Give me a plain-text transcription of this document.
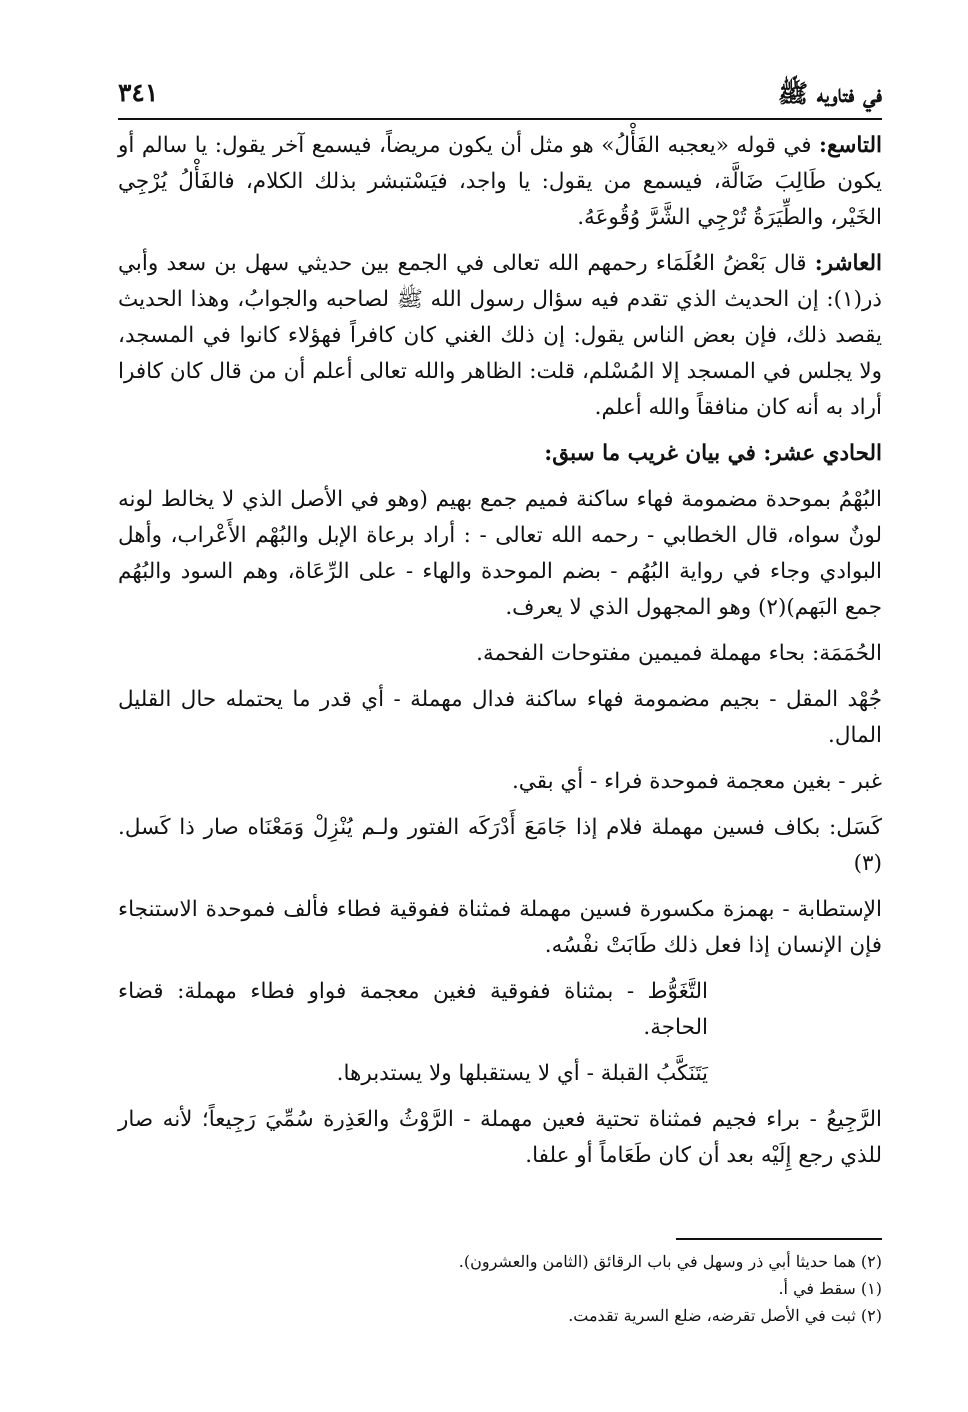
في فتاويه ﷺ
٣٤١

التاسع: في قوله «يعجبه الفَأْلُ» هو مثل أن يكون مريضاً، فيسمع آخر يقول: يا سالم أو يكون طَالِبَ ضَالَّة، فيسمع من يقول: يا واجد، فيَسْتبشر بذلك الكلام، فالفَأْلُ يُرْجِي الخَيْر، والطِّيَرَةُ تُرْجِي الشَّرَّ وُقُوعَهُ.

العاشر: قال بَعْضُ العُلَمَاء رحمهم الله تعالى في الجمع بين حديثي سهل بن سعد وأبي ذر(١): إن الحديث الذي تقدم فيه سؤال رسول الله ﷺ لصاحبه والجوابُ، وهذا الحديث يقصد ذلك، فإن بعض الناس يقول: إن ذلك الغني كان كافراً فهؤلاء كانوا في المسجد، ولا يجلس في المسجد إلا المُسْلم، قلت: الظاهر والله تعالى أعلم أن من قال كان كافرا أراد به أنه كان منافقاً والله أعلم.

الحادي عشر: في بيان غريب ما سبق:

البُهْمُ بموحدة مضمومة فهاء ساكنة فميم جمع بهيم (وهو في الأصل الذي لا يخالط لونه لونٌ سواه، قال الخطابي - رحمه الله تعالى - : أراد برعاة الإبل والبُهْم الأَعْراب، وأهل البوادي وجاء في رواية البُهُم - بضم الموحدة والهاء - على الرِّعَاة، وهم السود والبُهُم جمع البَهم)(٢) وهو المجهول الذي لا يعرف.

الحُمَمَة: بحاء مهملة فميمين مفتوحات الفحمة.

جُهْد المقل - بجيم مضمومة فهاء ساكنة فدال مهملة - أي قدر ما يحتمله حال القليل المال.

غبر - بغين معجمة فموحدة فراء - أي بقي.

كَسَل: بكاف فسين مهملة فلام إذا جَامَعَ أَدْرَكَه الفتور ولـم يُنْزِلْ وَمَعْنَاه صار ذا كَسل.(٣)

الإستطابة - بهمزة مكسورة فسين مهملة فمثناة ففوقية فطاء فألف فموحدة الاستنجاء فإن الإنسان إذا فعل ذلك طَابَتْ نفْسُه.

التَّغَوُّط - بمثناة ففوقية فغين معجمة فواو فطاء مهملة: قضاء الحاجة.

يَتَنَكَّبُ القبلة - أي لا يستقبلها ولا يستدبرها.

الرَّجِيعُ - براء فجيم فمثناة تحتية فعين مهملة - الرَّوْثُ والعَذِرة سُمِّيَ رَجِيعاً؛ لأنه صار للذي رجع إِلَيْه بعد أن كان طَعَاماً أو علفا.

(٢) هما حديثا أبي ذر وسهل في باب الرقائق (الثامن والعشرون).
(١) سقط في أ.
(٢) ثبت في الأصل تقرضه، ضلع السرية تقدمت.
